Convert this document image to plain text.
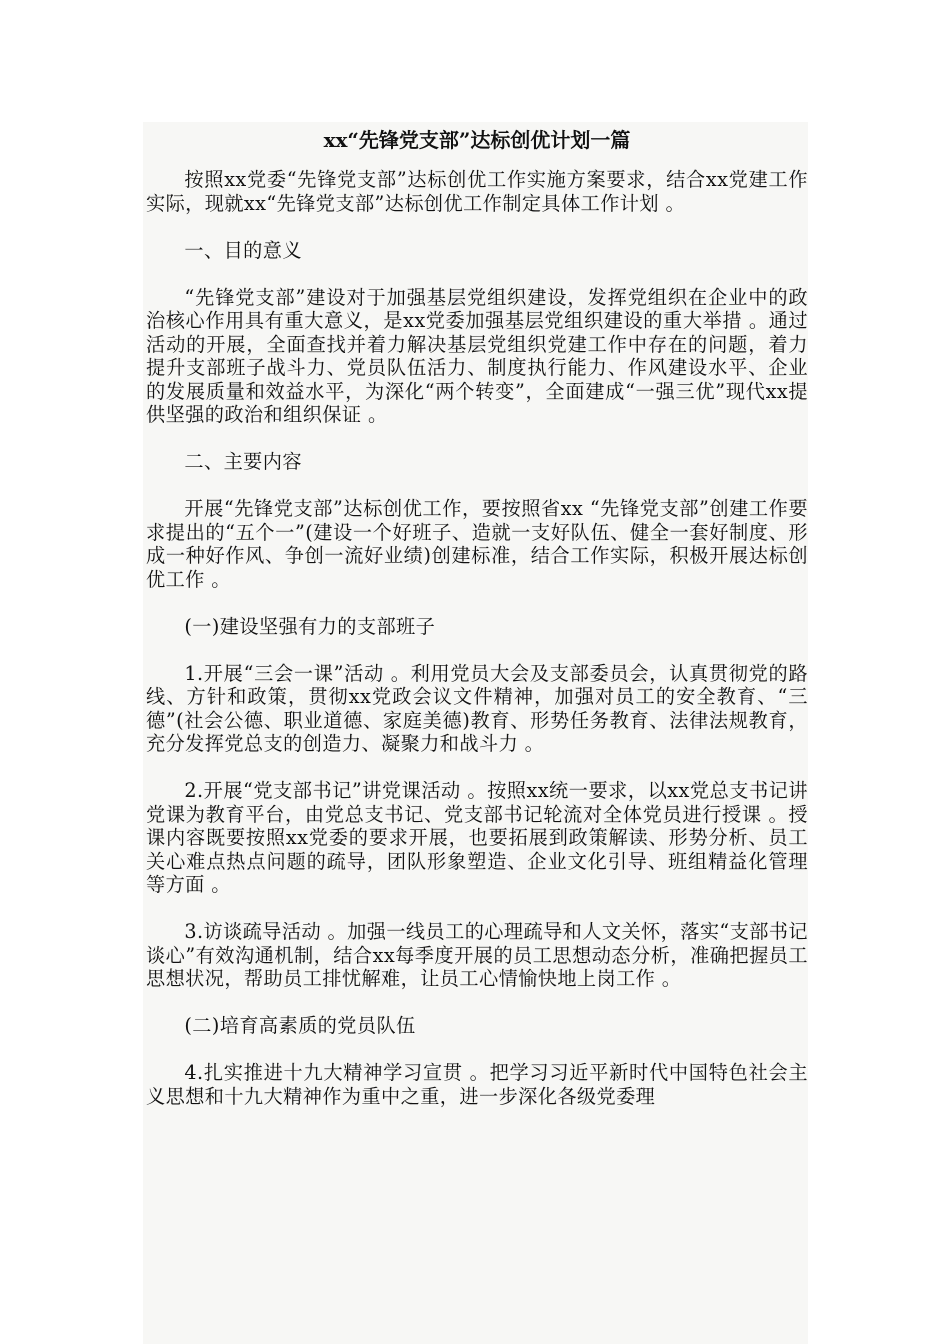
xx“先锋党支部”达标创优计划一篇

按照xx党委“先锋党支部”达标创优工作实施方案要求，结合xx党建工作实际，现就xx“先锋党支部”达标创优工作制定具体工作计划 。

一、目的意义

“先锋党支部”建设对于加强基层党组织建设，发挥党组织在企业中的政治核心作用具有重大意义，是xx党委加强基层党组织建设的重大举措 。通过活动的开展，全面查找并着力解决基层党组织党建工作中存在的问题，着力提升支部班子战斗力、党员队伍活力、制度执行能力、作风建设水平、企业的发展质量和效益水平，为深化“两个转变”，全面建成“一强三优”现代xx提供坚强的政治和组织保证 。

二、主要内容

开展“先锋党支部”达标创优工作，要按照省xx “先锋党支部”创建工作要求提出的“五个一”(建设一个好班子、造就一支好队伍、健全一套好制度、形成一种好作风、争创一流好业绩)创建标准，结合工作实际，积极开展达标创优工作 。

(一)建设坚强有力的支部班子

1.开展“三会一课”活动 。利用党员大会及支部委员会，认真贯彻党的路线、方针和政策，贯彻xx党政会议文件精神，加强对员工的安全教育、“三德”(社会公德、职业道德、家庭美德)教育、形势任务教育、法律法规教育，充分发挥党总支的创造力、凝聚力和战斗力 。

2.开展“党支部书记”讲党课活动 。按照xx统一要求，以xx党总支书记讲党课为教育平台，由党总支书记、党支部书记轮流对全体党员进行授课 。授课内容既要按照xx党委的要求开展，也要拓展到政策解读、形势分析、员工关心难点热点问题的疏导，团队形象塑造、企业文化引导、班组精益化管理等方面 。

3.访谈疏导活动 。加强一线员工的心理疏导和人文关怀，落实“支部书记谈心”有效沟通机制，结合xx每季度开展的员工思想动态分析，准确把握员工思想状况，帮助员工排忧解难，让员工心情愉快地上岗工作 。

(二)培育高素质的党员队伍

4.扎实推进十九大精神学习宣贯 。把学习习近平新时代中国特色社会主义思想和十九大精神作为重中之重，进一步深化各级党委理
